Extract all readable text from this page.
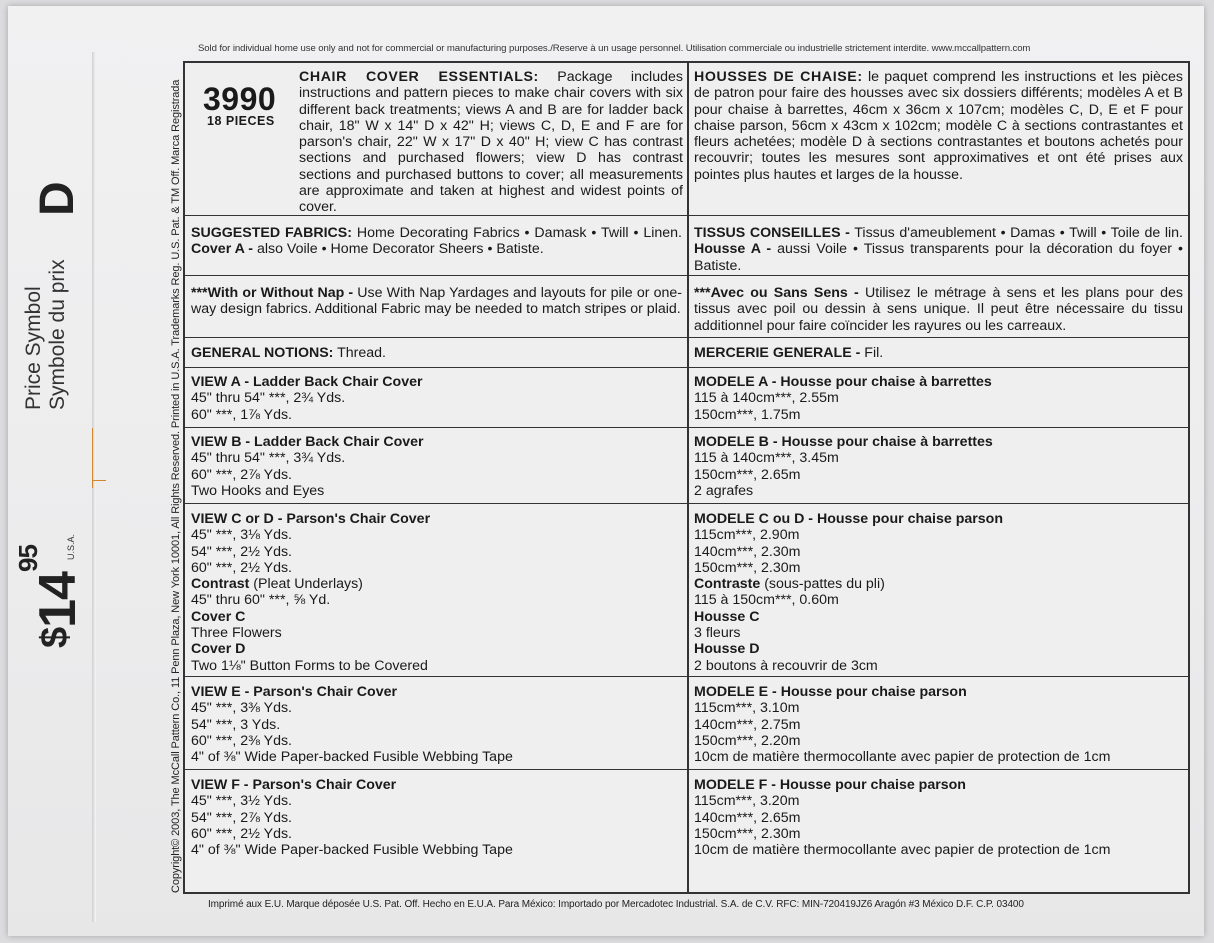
Sold for individual home use only and not for commercial or manufacturing purposes./Reserve à un usage personnel. Utilisation commerciale ou industrielle strictement interdite. www.mccallpattern.com
Copyright© 2003, The McCall Pattern Co., 11 Penn Plaza, New York 10001, All Rights Reserved. Printed in U.S.A. Trademarks Reg. U.S. Pat. & TM Off. Marca Registrada
Price Symbol Symbole du prix
D
$\$14^{95}$	U.S.A.
3990
18 PIECES
CHAIR COVER ESSENTIALS: Package includes instructions and pattern pieces to make chair covers with six different back treatments; views A and B are for ladder back chair, 18" W x 14" D x 42" H; views C, D, E and F are for parson's chair, 22" W x 17" D x 40" H; view C has contrast sections and purchased flowers; view D has contrast sections and purchased buttons to cover; all measurements are approximate and taken at highest and widest points of cover.
HOUSSES DE CHAISE: le paquet comprend les instructions et les pièces de patron pour faire des housses avec six dossiers différents; modèles A et B pour chaise à barrettes, 46cm x 36cm x 107cm; modèles C, D, E et F pour chaise parson, 56cm x 43cm x 102cm; modèle C à sections contrastantes et fleurs achetées; modèle D à sections contrastantes et boutons achetés pour recouvrir; toutes les mesures sont approximatives et ont été prises aux pointes plus hautes et larges de la housse.
SUGGESTED FABRICS: Home Decorating Fabrics • Damask • Twill • Linen. Cover A - also Voile • Home Decorator Sheers • Batiste.
TISSUS CONSEILLES - Tissus d'ameublement • Damas • Twill • Toile de lin. Housse A - aussi Voile • Tissus transparents pour la décoration du foyer • Batiste.
***With or Without Nap - Use With Nap Yardages and layouts for pile or one-way design fabrics. Additional Fabric may be needed to match stripes or plaid.
***Avec ou Sans Sens - Utilisez le métrage à sens et les plans pour des tissus avec poil ou dessin à sens unique. Il peut être nécessaire du tissu additionnel pour faire coïncider les rayures ou les carreaux.
GENERAL NOTIONS: Thread.	MERCERIE GENERALE - Fil.
VIEW A - Ladder Back Chair Cover
45" thru 54" ***, 2¾ Yds.
60" ***, 1⅞ Yds.
MODELE A - Housse pour chaise à barrettes
115 à 140cm***, 2.55m
150cm***, 1.75m
VIEW B - Ladder Back Chair Cover
45" thru 54" ***, 3¾ Yds.
60" ***, 2⅞ Yds.
Two Hooks and Eyes
MODELE B - Housse pour chaise à barrettes
115 à 140cm***, 3.45m
150cm***, 2.65m
2 agrafes
VIEW C or D - Parson's Chair Cover
45" ***, 3⅛ Yds.
54" ***, 2½ Yds.
60" ***, 2½ Yds.
Contrast (Pleat Underlays)
45" thru 60" ***, ⅝ Yd.
Cover C
Three Flowers
Cover D
Two 1⅛" Button Forms to be Covered
MODELE C ou D - Housse pour chaise parson
115cm***, 2.90m
140cm***, 2.30m
150cm***, 2.30m
Contraste (sous-pattes du pli)
115 à 150cm***, 0.60m
Housse C
3 fleurs
Housse D
2 boutons à recouvrir de 3cm
VIEW E - Parson's Chair Cover
45" ***, 3⅜ Yds.
54" ***, 3 Yds.
60" ***, 2⅜ Yds.
4" of ⅜" Wide Paper-backed Fusible Webbing Tape
MODELE E - Housse pour chaise parson
115cm***, 3.10m
140cm***, 2.75m
150cm***, 2.20m
10cm de matière thermocollante avec papier de protection de 1cm
VIEW F - Parson's Chair Cover
45" ***, 3½ Yds.
54" ***, 2⅞ Yds.
60" ***, 2½ Yds.
4" of ⅜" Wide Paper-backed Fusible Webbing Tape
MODELE F - Housse pour chaise parson
115cm***, 3.20m
140cm***, 2.65m
150cm***, 2.30m
10cm de matière thermocollante avec papier de protection de 1cm
Imprimé aux E.U. Marque déposée U.S. Pat. Off. Hecho en E.U.A. Para México: Importado por Mercadotec Industrial. S.A. de C.V. RFC: MIN-720419JZ6 Aragón #3 México D.F. C.P. 03400
